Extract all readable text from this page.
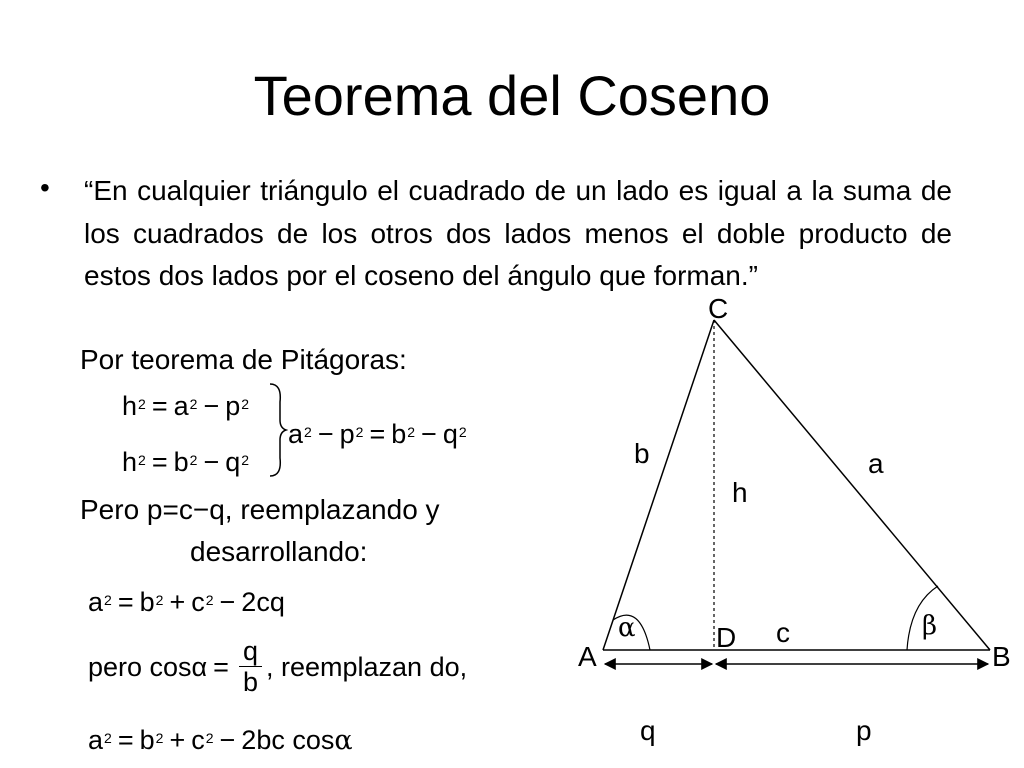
Teorema del Coseno
• “En cualquier triángulo el cuadrado de un lado es igual a la suma de los cuadrados de los otros dos lados menos el doble producto de estos dos lados por el coseno del ángulo que forman.”
Por teorema de Pitágoras:
$h^2 = a^2 - p^2$
$h^2 = b^2 - q^2$
$a^2 - p^2 = b^2 - q^2$
Pero p=c−q, reemplazando y
desarrollando:
$a^2 = b^2 + c^2 - 2cq$
pero $\cos\alpha = \frac{q}{b}$ , reemplazan do,
$a^2 = b^2 + c^2 - 2bc$ cosα
C
A	B
D
b	a
c
h
α	β
q	p
